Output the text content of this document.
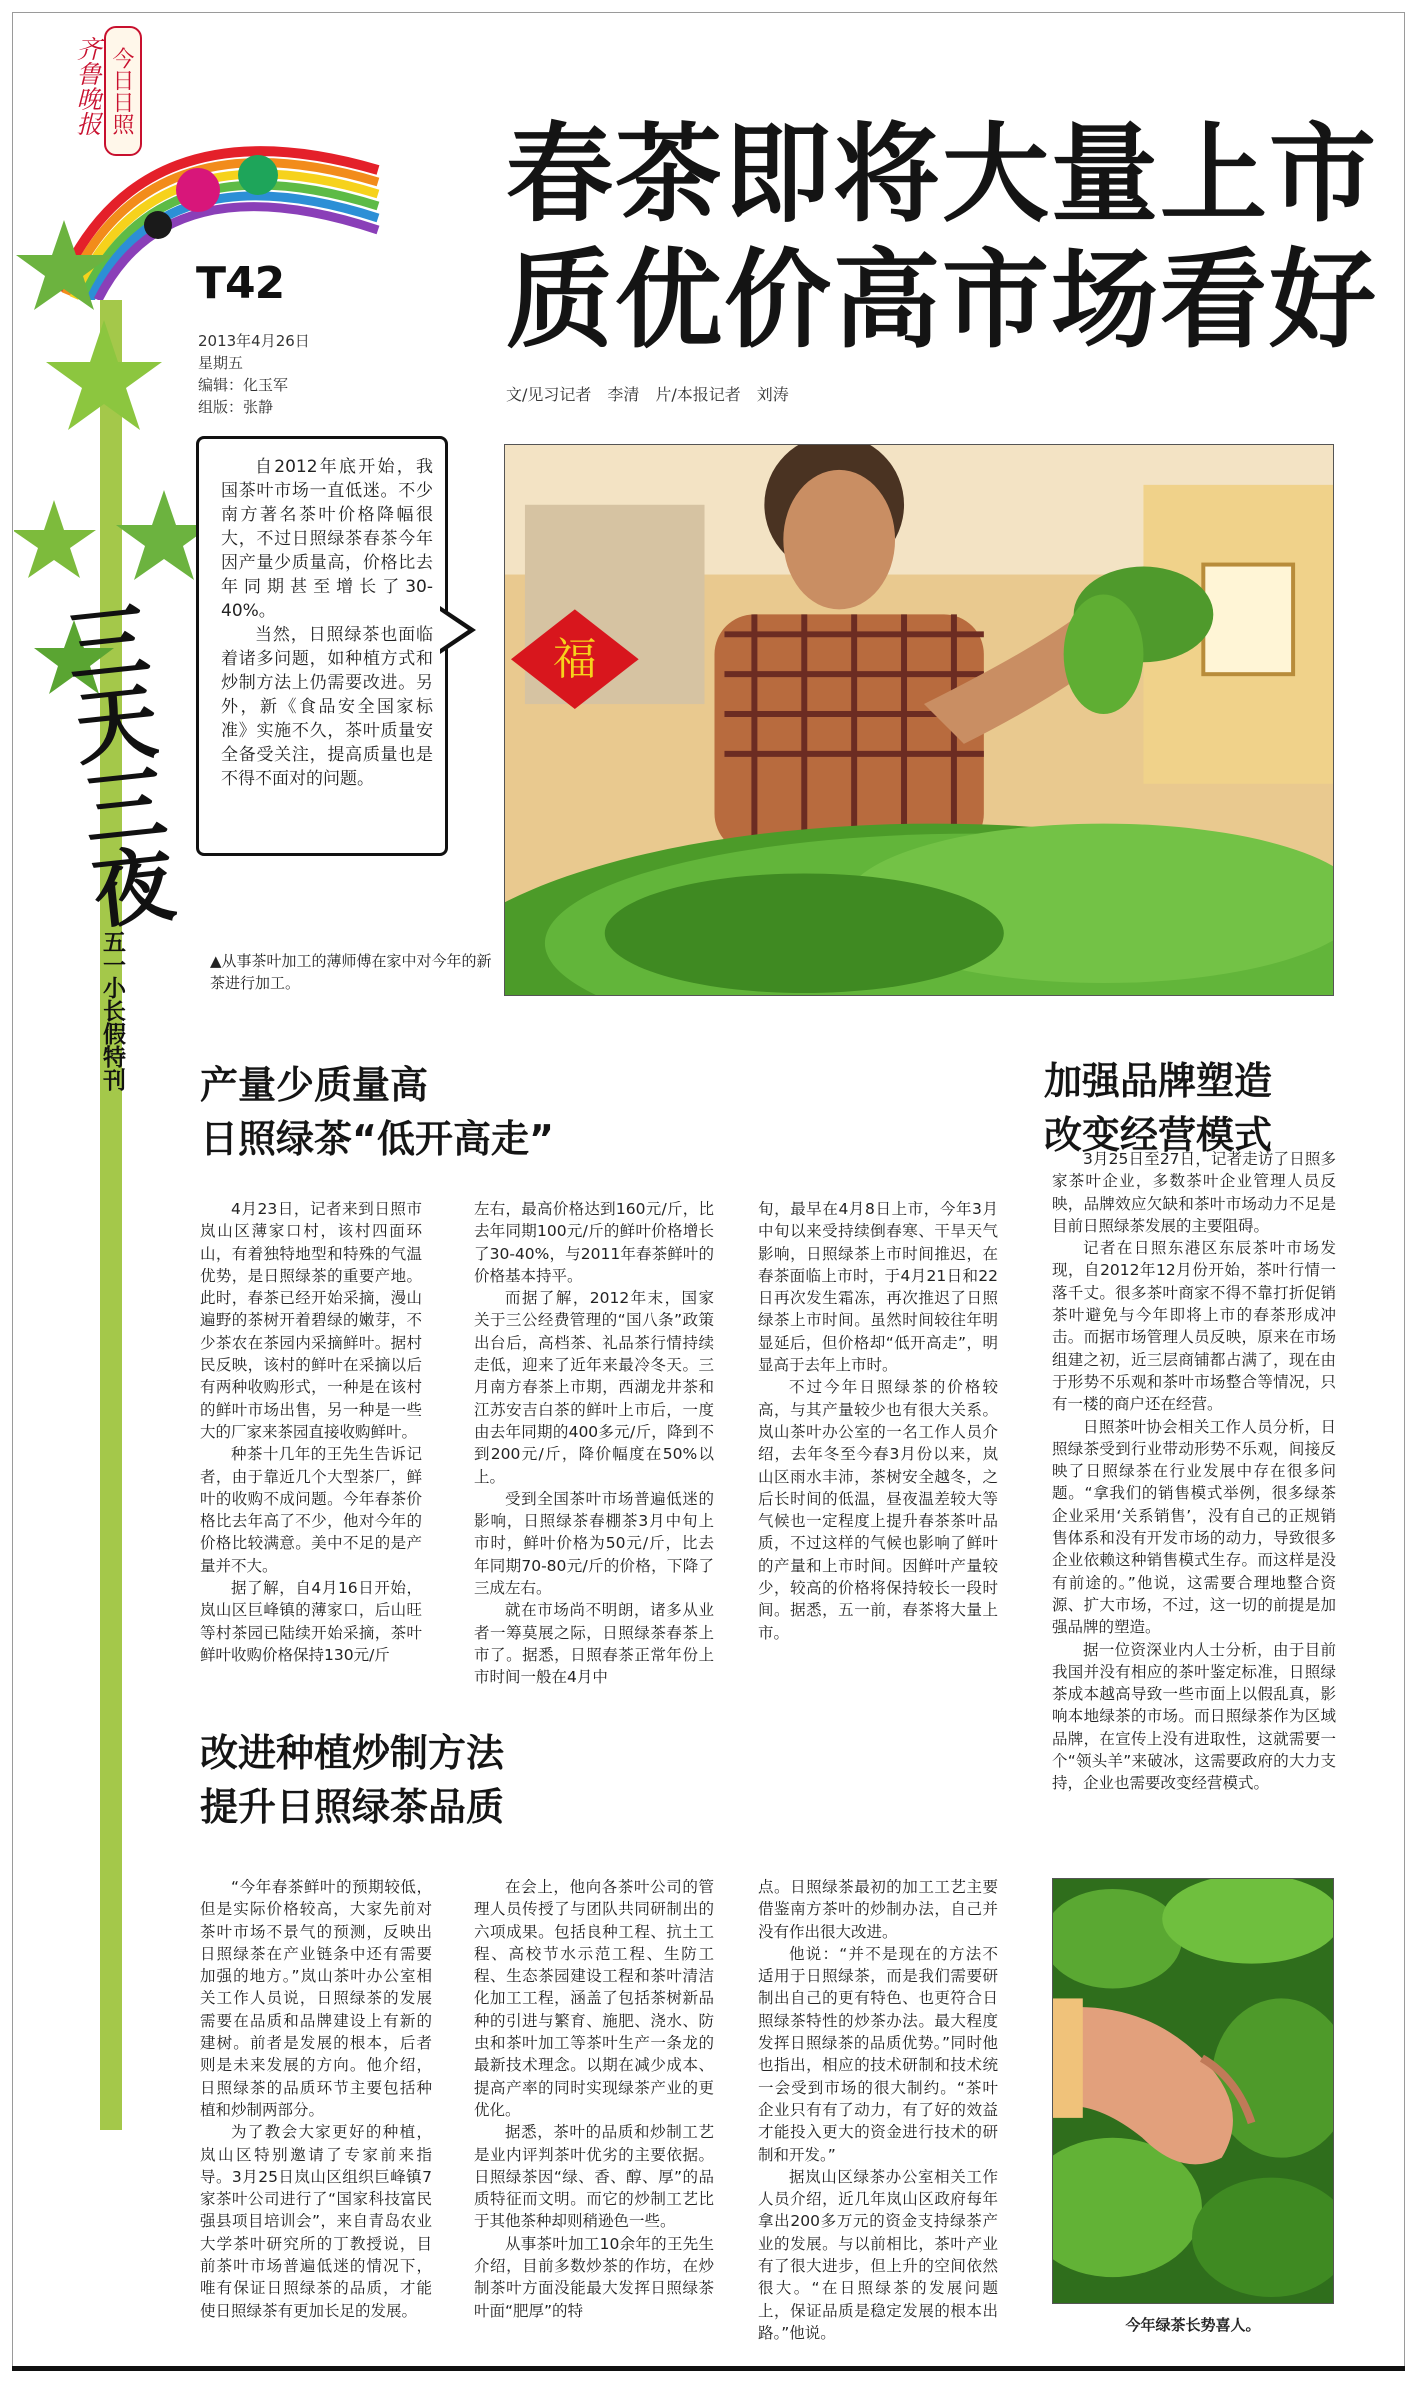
齐鲁晚报 今日日照
T42
2013年4月26日
星期五
编辑：化玉军
组版：张静
三天三夜
五一小长假特刊
春茶即将大量上市
质优价高市场看好
文/见习记者　李清　片/本报记者　刘涛

自2012年底开始，我国茶叶市场一直低迷。不少南方著名茶叶价格降幅很大，不过日照绿茶春茶今年因产量少质量高，价格比去年同期甚至增长了30-40%。

当然，日照绿茶也面临着诸多问题，如种植方式和炒制方法上仍需要改进。另外，新《食品安全国家标准》实施不久，茶叶质量安全备受关注，提高质量也是不得不面对的问题。

福
▲从事茶叶加工的薄师傅在家中对今年的新茶进行加工。
产量少质量高
日照绿茶“低开高走”

4月23日，记者来到日照市岚山区薄家口村，该村四面环山，有着独特地型和特殊的气温优势，是日照绿茶的重要产地。此时，春茶已经开始采摘，漫山遍野的茶树开着碧绿的嫩芽，不少茶农在茶园内采摘鲜叶。据村民反映，该村的鲜叶在采摘以后有两种收购形式，一种是在该村的鲜叶市场出售，另一种是一些大的厂家来茶园直接收购鲜叶。

种茶十几年的王先生告诉记者，由于靠近几个大型茶厂，鲜叶的收购不成问题。今年春茶价格比去年高了不少，他对今年的价格比较满意。美中不足的是产量并不大。

据了解，自4月16日开始，岚山区巨峰镇的薄家口，后山旺等村茶园已陆续开始采摘，茶叶鲜叶收购价格保持130元/斤

左右，最高价格达到160元/斤，比去年同期100元/斤的鲜叶价格增长了30-40%，与2011年春茶鲜叶的价格基本持平。

而据了解，2012年末，国家关于三公经费管理的“国八条”政策出台后，高档茶、礼品茶行情持续走低，迎来了近年来最冷冬天。三月南方春茶上市期，西湖龙井茶和江苏安吉白茶的鲜叶上市后，一度由去年同期的400多元/斤，降到不到200元/斤，降价幅度在50%以上。

受到全国茶叶市场普遍低迷的影响，日照绿茶春棚茶3月中旬上市时，鲜叶价格为50元/斤，比去年同期70-80元/斤的价格，下降了三成左右。

就在市场尚不明朗，诸多从业者一筹莫展之际，日照绿茶春茶上市了。据悉，日照春茶正常年份上市时间一般在4月中

旬，最早在4月8日上市，今年3月中旬以来受持续倒春寒、干旱天气影响，日照绿茶上市时间推迟，在春茶面临上市时，于4月21日和22日再次发生霜冻，再次推迟了日照绿茶上市时间。虽然时间较往年明显延后，但价格却“低开高走”，明显高于去年上市时。

不过今年日照绿茶的价格较高，与其产量较少也有很大关系。岚山茶叶办公室的一名工作人员介绍，去年冬至今春3月份以来，岚山区雨水丰沛，茶树安全越冬，之后长时间的低温，昼夜温差较大等气候也一定程度上提升春茶茶叶品质，不过这样的气候也影响了鲜叶的产量和上市时间。因鲜叶产量较少，较高的价格将保持较长一段时间。据悉，五一前，春茶将大量上市。

加强品牌塑造
改变经营模式

3月25日至27日，记者走访了日照多家茶叶企业，多数茶叶企业管理人员反映，品牌效应欠缺和茶叶市场动力不足是目前日照绿茶发展的主要阻碍。

记者在日照东港区东辰茶叶市场发现，自2012年12月份开始，茶叶行情一落千丈。很多茶叶商家不得不靠打折促销茶叶避免与今年即将上市的春茶形成冲击。而据市场管理人员反映，原来在市场组建之初，近三层商铺都占满了，现在由于形势不乐观和茶叶市场整合等情况，只有一楼的商户还在经营。

日照茶叶协会相关工作人员分析，日照绿茶受到行业带动形势不乐观，间接反映了日照绿茶在行业发展中存在很多问题。“拿我们的销售模式举例，很多绿茶企业采用‘关系销售’，没有自己的正规销售体系和没有开发市场的动力，导致很多企业依赖这种销售模式生存。而这样是没有前途的。”他说，这需要合理地整合资源、扩大市场，不过，这一切的前提是加强品牌的塑造。

据一位资深业内人士分析，由于目前我国并没有相应的茶叶鉴定标准，日照绿茶成本越高导致一些市面上以假乱真，影响本地绿茶的市场。而日照绿茶作为区域品牌，在宣传上没有进取性，这就需要一个“领头羊”来破冰，这需要政府的大力支持，企业也需要改变经营模式。

改进种植炒制方法
提升日照绿茶品质

“今年春茶鲜叶的预期较低，但是实际价格较高，大家先前对茶叶市场不景气的预测，反映出日照绿茶在产业链条中还有需要加强的地方。”岚山茶叶办公室相关工作人员说，日照绿茶的发展需要在品质和品牌建设上有新的建树。前者是发展的根本，后者则是未来发展的方向。他介绍，日照绿茶的品质环节主要包括种植和炒制两部分。

为了教会大家更好的种植，岚山区特别邀请了专家前来指导。3月25日岚山区组织巨峰镇7家茶叶公司进行了“国家科技富民强县项目培训会”，来自青岛农业大学茶叶研究所的丁教授说，目前茶叶市场普遍低迷的情况下，唯有保证日照绿茶的品质，才能使日照绿茶有更加长足的发展。

在会上，他向各茶叶公司的管理人员传授了与团队共同研制出的六项成果。包括良种工程、抗土工程、高校节水示范工程、生防工程、生态茶园建设工程和茶叶清洁化加工工程，涵盖了包括茶树新品种的引进与繁育、施肥、浇水、防虫和茶叶加工等茶叶生产一条龙的最新技术理念。以期在减少成本、提高产率的同时实现绿茶产业的更优化。

据悉，茶叶的品质和炒制工艺是业内评判茶叶优劣的主要依据。日照绿茶因“绿、香、醇、厚”的品质特征而文明。而它的炒制工艺比于其他茶种却则稍逊色一些。

从事茶叶加工10余年的王先生介绍，目前多数炒茶的作坊，在炒制茶叶方面没能最大发挥日照绿茶叶面“肥厚”的特

点。日照绿茶最初的加工工艺主要借鉴南方茶叶的炒制办法，自己并没有作出很大改进。

他说：“并不是现在的方法不适用于日照绿茶，而是我们需要研制出自己的更有特色、也更符合日照绿茶特性的炒茶办法。最大程度发挥日照绿茶的品质优势。”同时他也指出，相应的技术研制和技术统一会受到市场的很大制约。“茶叶企业只有有了动力，有了好的效益才能投入更大的资金进行技术的研制和开发。”

据岚山区绿茶办公室相关工作人员介绍，近几年岚山区政府每年拿出200多万元的资金支持绿茶产业的发展。与以前相比，茶叶产业有了很大进步，但上升的空间依然很大。“在日照绿茶的发展问题上，保证品质是稳定发展的根本出路。”他说。	今年绿茶长势喜人。
